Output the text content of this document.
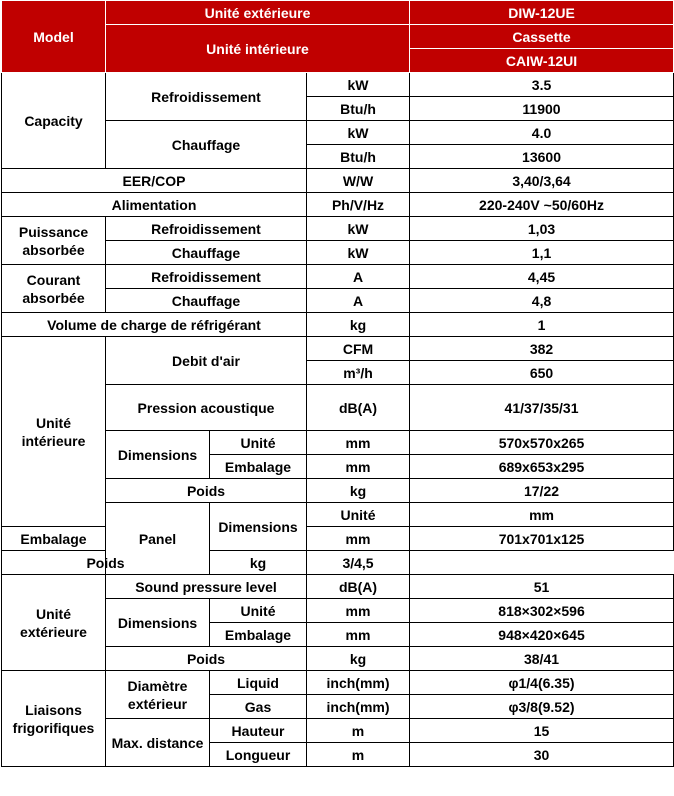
Model	Unité extérieure			DIW-12UE	
	Unité intérieure			Cassette	
				CAIW-12UI	
Capacity	Refroidissement		kW	3.5	
			Btu/h	11900	
	Chauffage		kW	4.0	
			Btu/h	13600	
EER/COP			W/W	3,40/3,64	
Alimentation			Ph/V/Hz	220-240V ~50/60Hz	
Puissance absorbée	Refroidissement		kW	1,03	
	Chauffage		kW	1,1	
Courant absorbée	Refroidissement		A	4,45	
	Chauffage		A	4,8	
Volume de charge de réfrigérant			kg	1	
Unité intérieure	Debit d'air		CFM	382	
			m³/h	650	
	Pression acoustique		dB(A)	41/37/35/31	
	Dimensions	Unité	mm	570x570x265	
		Embalage	mm	689x653x295	
	Poids		kg	17/22	
	Panel	Dimensions	Unité	mm	
Embalage			mm	701x701x125	
Poids		kg	3/4,5		
Unité extérieure	Sound pressure level		dB(A)	51	
	Dimensions	Unité	mm	818×302×596	
		Embalage	mm	948×420×645	
	Poids		kg	38/41	
Liaisons frigorifiques	Diamètre extérieur	Liquid	inch(mm)	φ1/4(6.35)	
		Gas	inch(mm)	φ3/8(9.52)	
	Max. distance	Hauteur	m	15	
		Longueur	m	30	
